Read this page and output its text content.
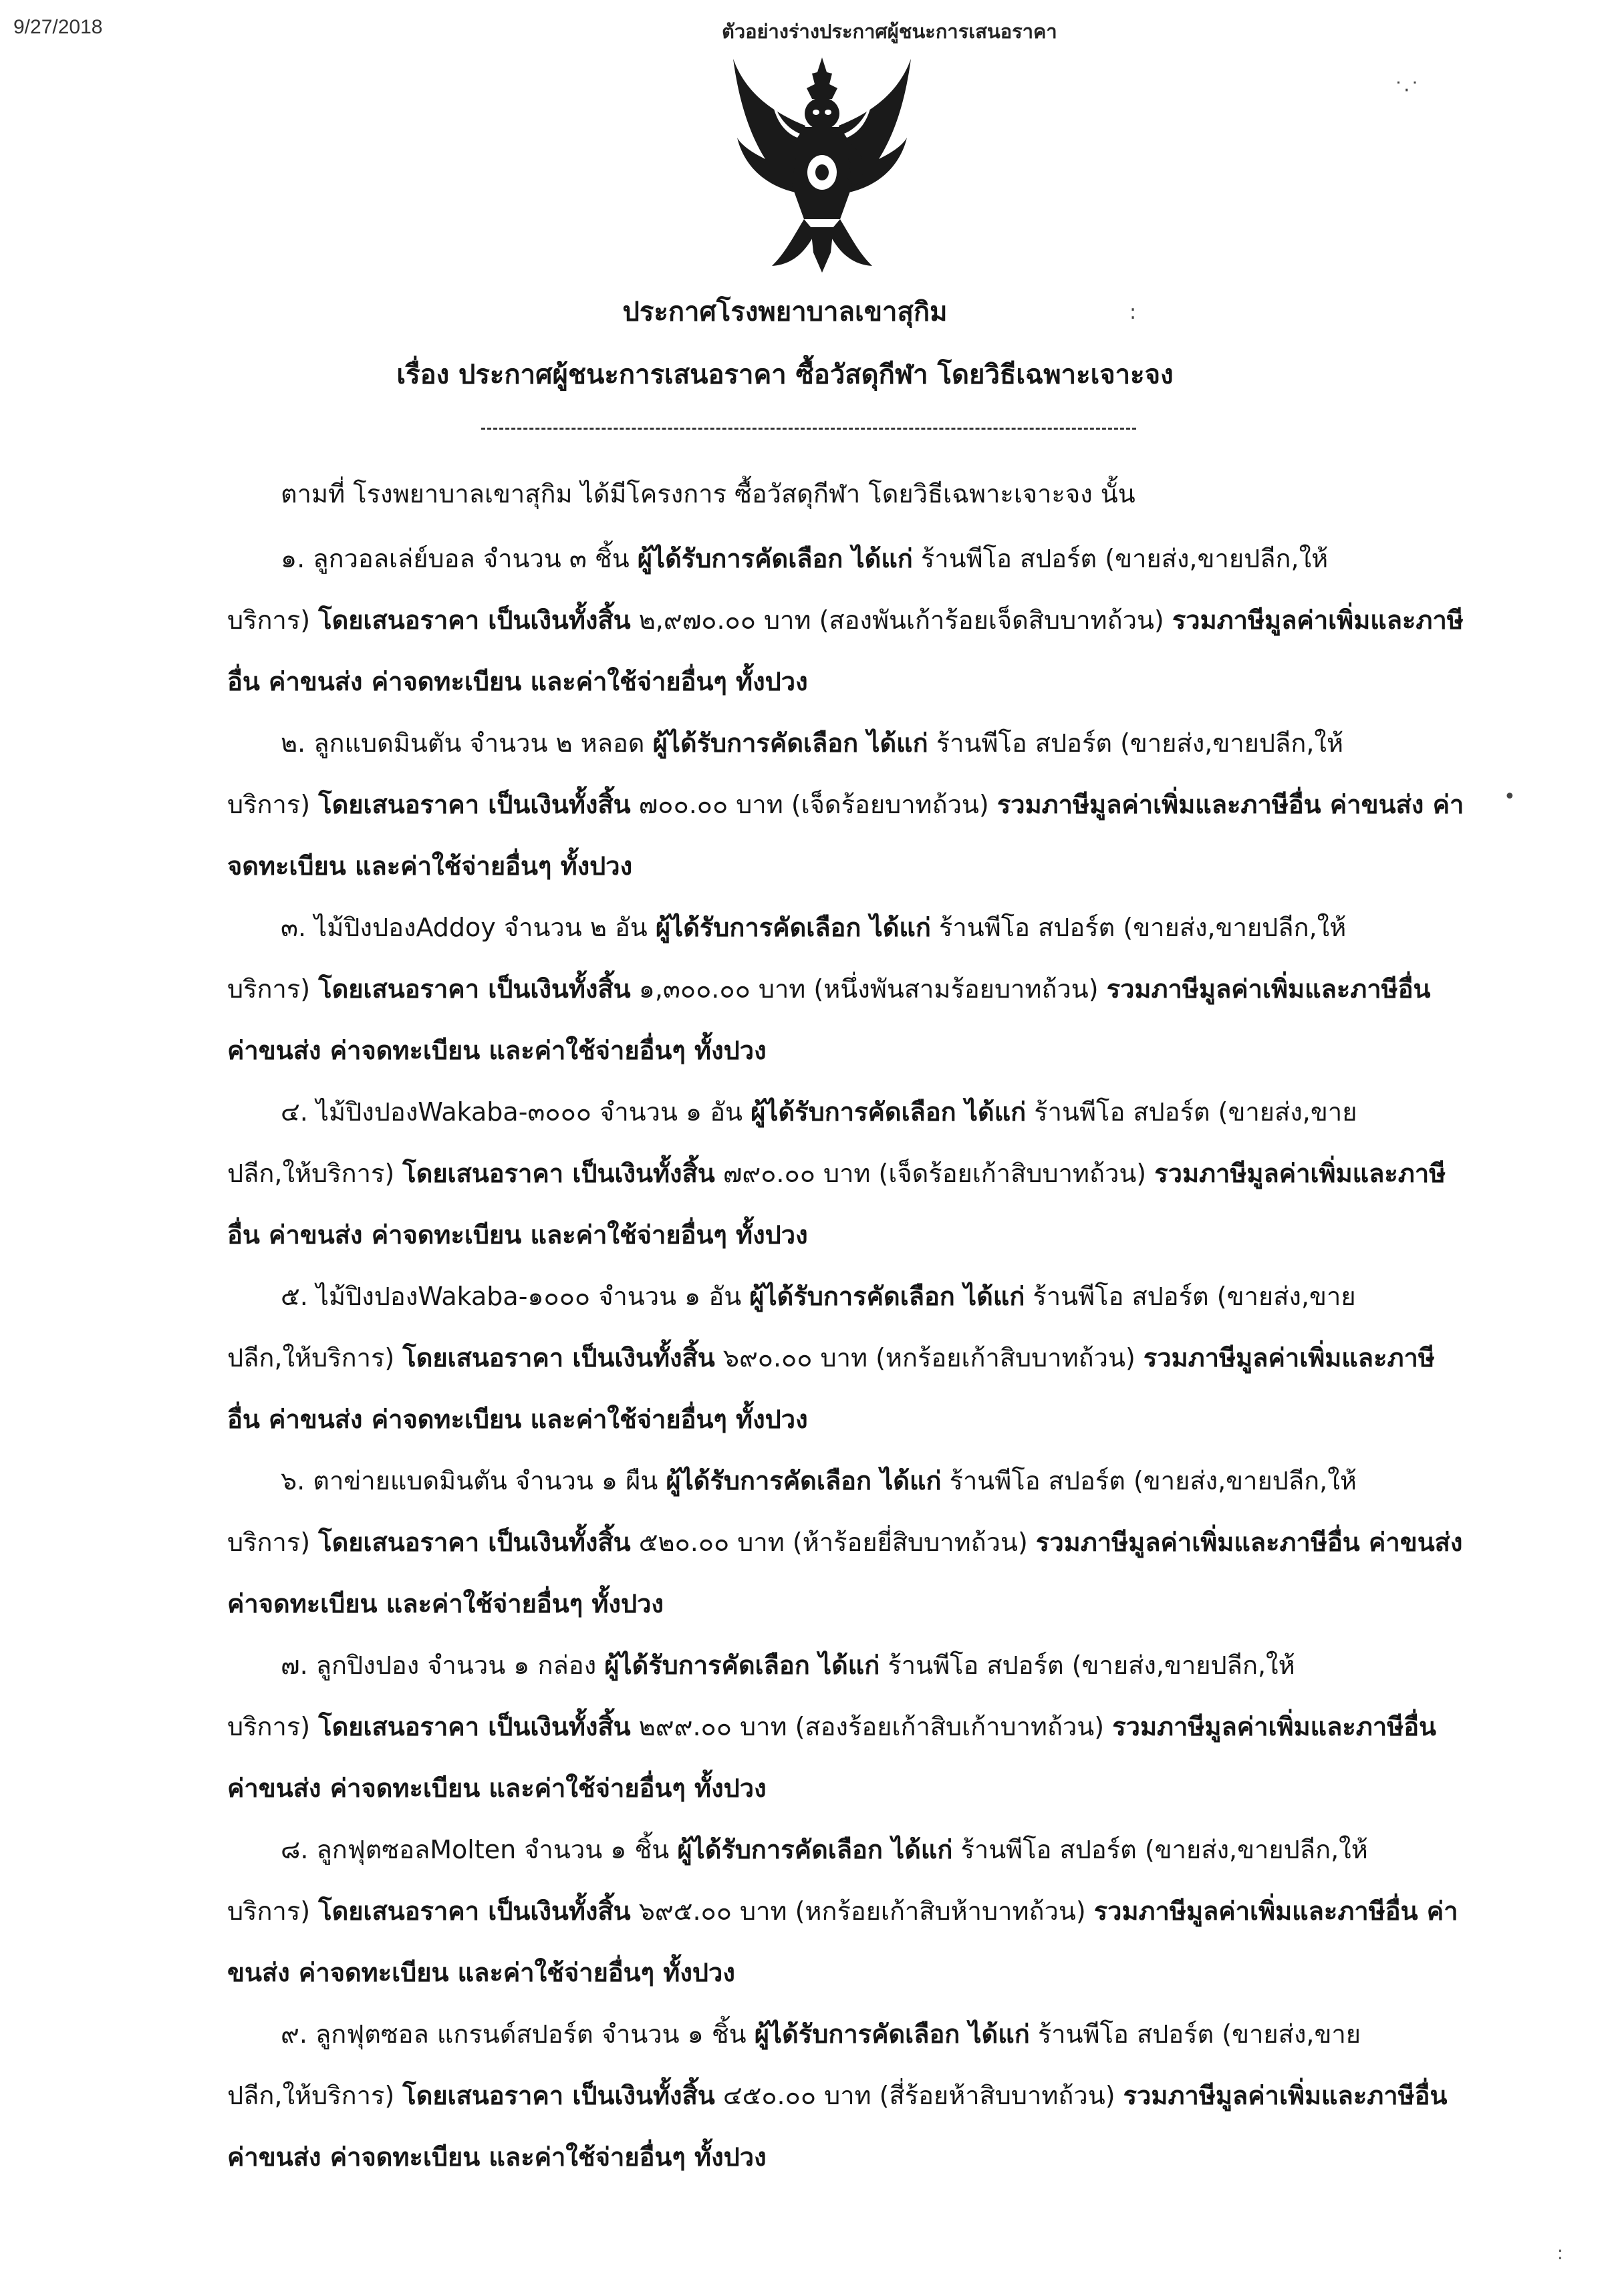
9/27/2018	ตัวอย่างร่างประกาศผู้ชนะการเสนอราคา
˙·˙
:
•
ประกาศโรงพยาบาลเขาสุกิม
เรื่อง ประกาศผู้ชนะการเสนอราคา ซื้อวัสดุกีฬา โดยวิธีเฉพาะเจาะจง
ตามที่ โรงพยาบาลเขาสุกิม ได้มีโครงการ ซื้อวัสดุกีฬา โดยวิธีเฉพาะเจาะจง นั้น

๑. ลูกวอลเล่ย์บอล จำนวน ๓ ชิ้น ผู้ได้รับการคัดเลือก ได้แก่ ร้านพีโอ สปอร์ต (ขายส่ง,ขายปลีก,ให้

บริการ) โดยเสนอราคา เป็นเงินทั้งสิ้น ๒,๙๗๐.๐๐ บาท (สองพันเก้าร้อยเจ็ดสิบบาทถ้วน) รวมภาษีมูลค่าเพิ่มและภาษี

อื่น ค่าขนส่ง ค่าจดทะเบียน และค่าใช้จ่ายอื่นๆ ทั้งปวง

๒. ลูกแบดมินตัน จำนวน ๒ หลอด ผู้ได้รับการคัดเลือก ได้แก่ ร้านพีโอ สปอร์ต (ขายส่ง,ขายปลีก,ให้

บริการ) โดยเสนอราคา เป็นเงินทั้งสิ้น ๗๐๐.๐๐ บาท (เจ็ดร้อยบาทถ้วน) รวมภาษีมูลค่าเพิ่มและภาษีอื่น ค่าขนส่ง ค่า

จดทะเบียน และค่าใช้จ่ายอื่นๆ ทั้งปวง

๓. ไม้ปิงปองAddoy จำนวน ๒ อัน ผู้ได้รับการคัดเลือก ได้แก่ ร้านพีโอ สปอร์ต (ขายส่ง,ขายปลีก,ให้

บริการ) โดยเสนอราคา เป็นเงินทั้งสิ้น ๑,๓๐๐.๐๐ บาท (หนึ่งพันสามร้อยบาทถ้วน) รวมภาษีมูลค่าเพิ่มและภาษีอื่น

ค่าขนส่ง ค่าจดทะเบียน และค่าใช้จ่ายอื่นๆ ทั้งปวง

๔. ไม้ปิงปองWakaba-๓๐๐๐ จำนวน ๑ อัน ผู้ได้รับการคัดเลือก ได้แก่ ร้านพีโอ สปอร์ต (ขายส่ง,ขาย

ปลีก,ให้บริการ) โดยเสนอราคา เป็นเงินทั้งสิ้น ๗๙๐.๐๐ บาท (เจ็ดร้อยเก้าสิบบาทถ้วน) รวมภาษีมูลค่าเพิ่มและภาษี

อื่น ค่าขนส่ง ค่าจดทะเบียน และค่าใช้จ่ายอื่นๆ ทั้งปวง

๕. ไม้ปิงปองWakaba-๑๐๐๐ จำนวน ๑ อัน ผู้ได้รับการคัดเลือก ได้แก่ ร้านพีโอ สปอร์ต (ขายส่ง,ขาย

ปลีก,ให้บริการ) โดยเสนอราคา เป็นเงินทั้งสิ้น ๖๙๐.๐๐ บาท (หกร้อยเก้าสิบบาทถ้วน) รวมภาษีมูลค่าเพิ่มและภาษี

อื่น ค่าขนส่ง ค่าจดทะเบียน และค่าใช้จ่ายอื่นๆ ทั้งปวง

๖. ตาข่ายแบดมินตัน จำนวน ๑ ผืน ผู้ได้รับการคัดเลือก ได้แก่ ร้านพีโอ สปอร์ต (ขายส่ง,ขายปลีก,ให้

บริการ) โดยเสนอราคา เป็นเงินทั้งสิ้น ๕๒๐.๐๐ บาท (ห้าร้อยยี่สิบบาทถ้วน) รวมภาษีมูลค่าเพิ่มและภาษีอื่น ค่าขนส่ง

ค่าจดทะเบียน และค่าใช้จ่ายอื่นๆ ทั้งปวง

๗. ลูกปิงปอง จำนวน ๑ กล่อง ผู้ได้รับการคัดเลือก ได้แก่ ร้านพีโอ สปอร์ต (ขายส่ง,ขายปลีก,ให้

บริการ) โดยเสนอราคา เป็นเงินทั้งสิ้น ๒๙๙.๐๐ บาท (สองร้อยเก้าสิบเก้าบาทถ้วน) รวมภาษีมูลค่าเพิ่มและภาษีอื่น

ค่าขนส่ง ค่าจดทะเบียน และค่าใช้จ่ายอื่นๆ ทั้งปวง

๘. ลูกฟุตซอลMolten จำนวน ๑ ชิ้น ผู้ได้รับการคัดเลือก ได้แก่ ร้านพีโอ สปอร์ต (ขายส่ง,ขายปลีก,ให้

บริการ) โดยเสนอราคา เป็นเงินทั้งสิ้น ๖๙๕.๐๐ บาท (หกร้อยเก้าสิบห้าบาทถ้วน) รวมภาษีมูลค่าเพิ่มและภาษีอื่น ค่า

ขนส่ง ค่าจดทะเบียน และค่าใช้จ่ายอื่นๆ ทั้งปวง

๙. ลูกฟุตซอล แกรนด์สปอร์ต จำนวน ๑ ชิ้น ผู้ได้รับการคัดเลือก ได้แก่ ร้านพีโอ สปอร์ต (ขายส่ง,ขาย

ปลีก,ให้บริการ) โดยเสนอราคา เป็นเงินทั้งสิ้น ๔๕๐.๐๐ บาท (สี่ร้อยห้าสิบบาทถ้วน) รวมภาษีมูลค่าเพิ่มและภาษีอื่น

ค่าขนส่ง ค่าจดทะเบียน และค่าใช้จ่ายอื่นๆ ทั้งปวง

:
